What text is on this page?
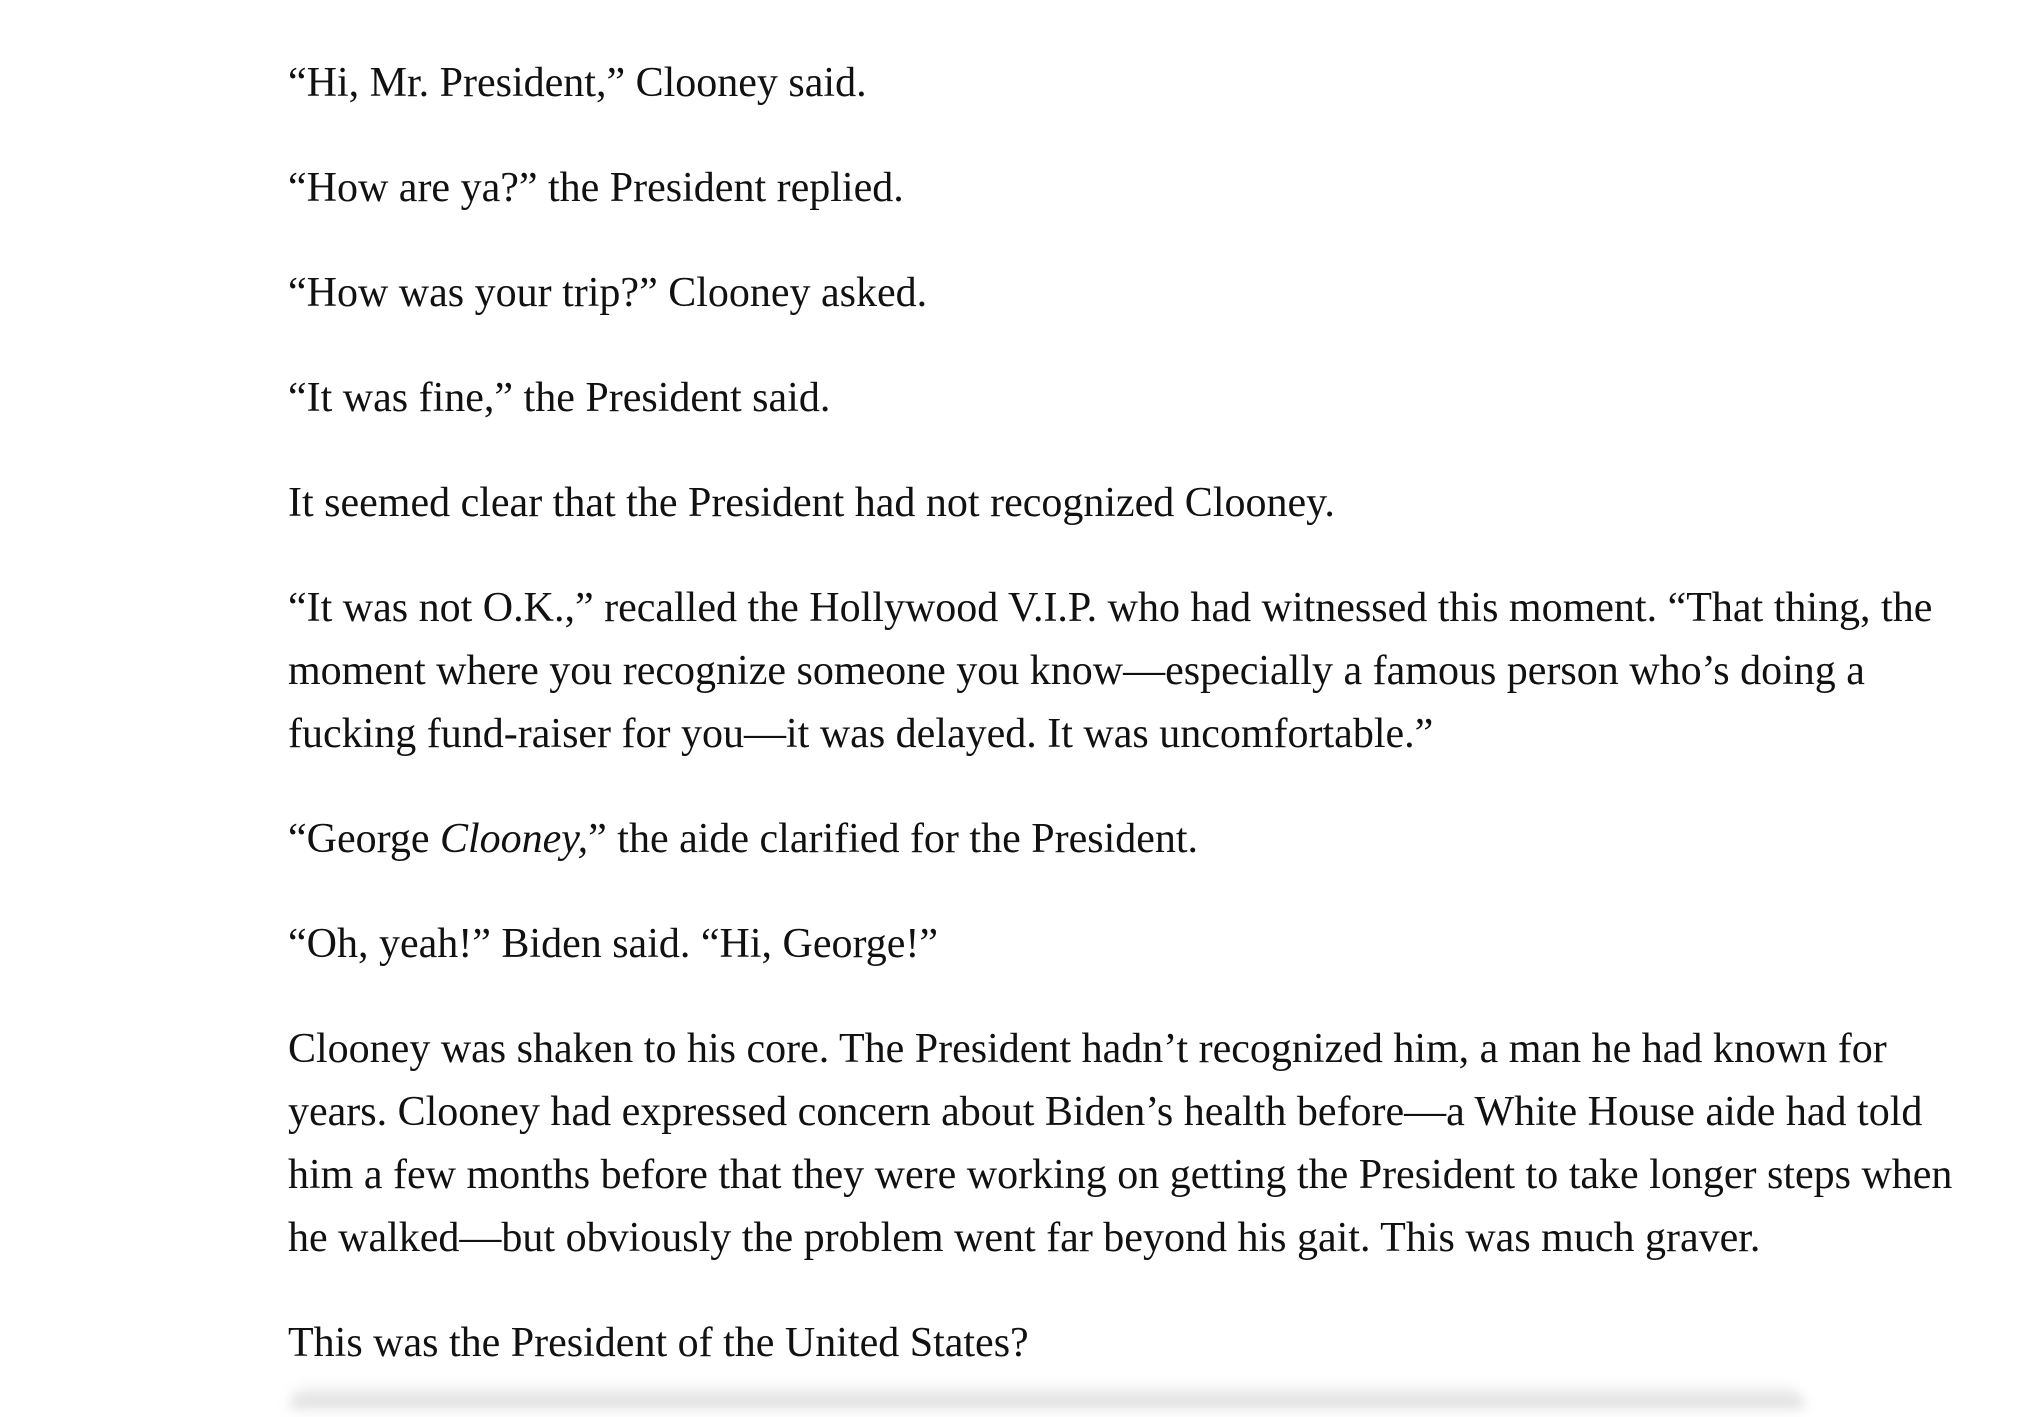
“Hi, Mr. President,” Clooney said.

“How are ya?” the President replied.

“How was your trip?” Clooney asked.

“It was fine,” the President said.

It seemed clear that the President had not recognized Clooney.

“It was not O.K.,” recalled the Hollywood V.I.P. who had witnessed this moment. “That thing, the moment where you recognize someone you know—especially a famous person who’s doing a fucking fund-raiser for you—it was delayed. It was uncomfortable.”

“George Clooney,” the aide clarified for the President.

“Oh, yeah!” Biden said. “Hi, George!”

Clooney was shaken to his core. The President hadn’t recognized him, a man he had known for years. Clooney had expressed concern about Biden’s health before—a White House aide had told him a few months before that they were working on getting the President to take longer steps when he walked—but obviously the problem went far beyond his gait. This was much graver.

This was the President of the United States?
